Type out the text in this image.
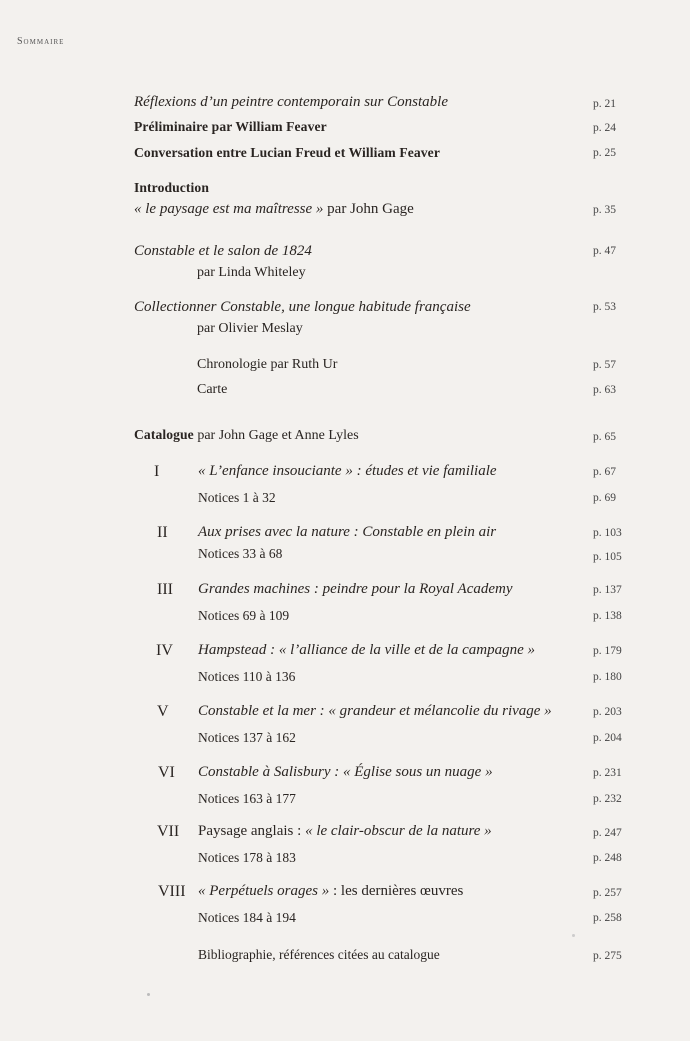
Sommaire
Réflexions d’un peintre contemporain sur Constable	p. 21
Préliminaire par William Feaver	p. 24
Conversation entre Lucian Freud et William Feaver	p. 25
Introduction
« le paysage est ma maîtresse » par John Gage	p. 35
Constable et le salon de 1824	p. 47
par Linda Whiteley
Collectionner Constable, une longue habitude française	p. 53
par Olivier Meslay
Chronologie par Ruth Ur	p. 57
Carte	p. 63
Catalogue par John Gage et Anne Lyles	p. 65
I	« L’enfance insouciante » : études et vie familiale	p. 67
Notices 1 à 32	p. 69
II Aux prises avec la nature : Constable en plein air	p. 103
Notices 33 à 68	p. 105
III Grandes machines : peindre pour la Royal Academy	p. 137
Notices 69 à 109	p. 138
IV Hampstead : « l’alliance de la ville et de la campagne »	p. 179
Notices 110 à 136	p. 180
V Constable et la mer : « grandeur et mélancolie du rivage »	p. 203
Notices 137 à 162	p. 204
VI Constable à Salisbury : « Église sous un nuage »	p. 231
Notices 163 à 177	p. 232
VII Paysage anglais : « le clair-obscur de la nature »	p. 247
Notices 178 à 183	p. 248
VIII « Perpétuels orages » : les dernières œuvres	p. 257
Notices 184 à 194	p. 258
Bibliographie, références citées au catalogue	p. 275
